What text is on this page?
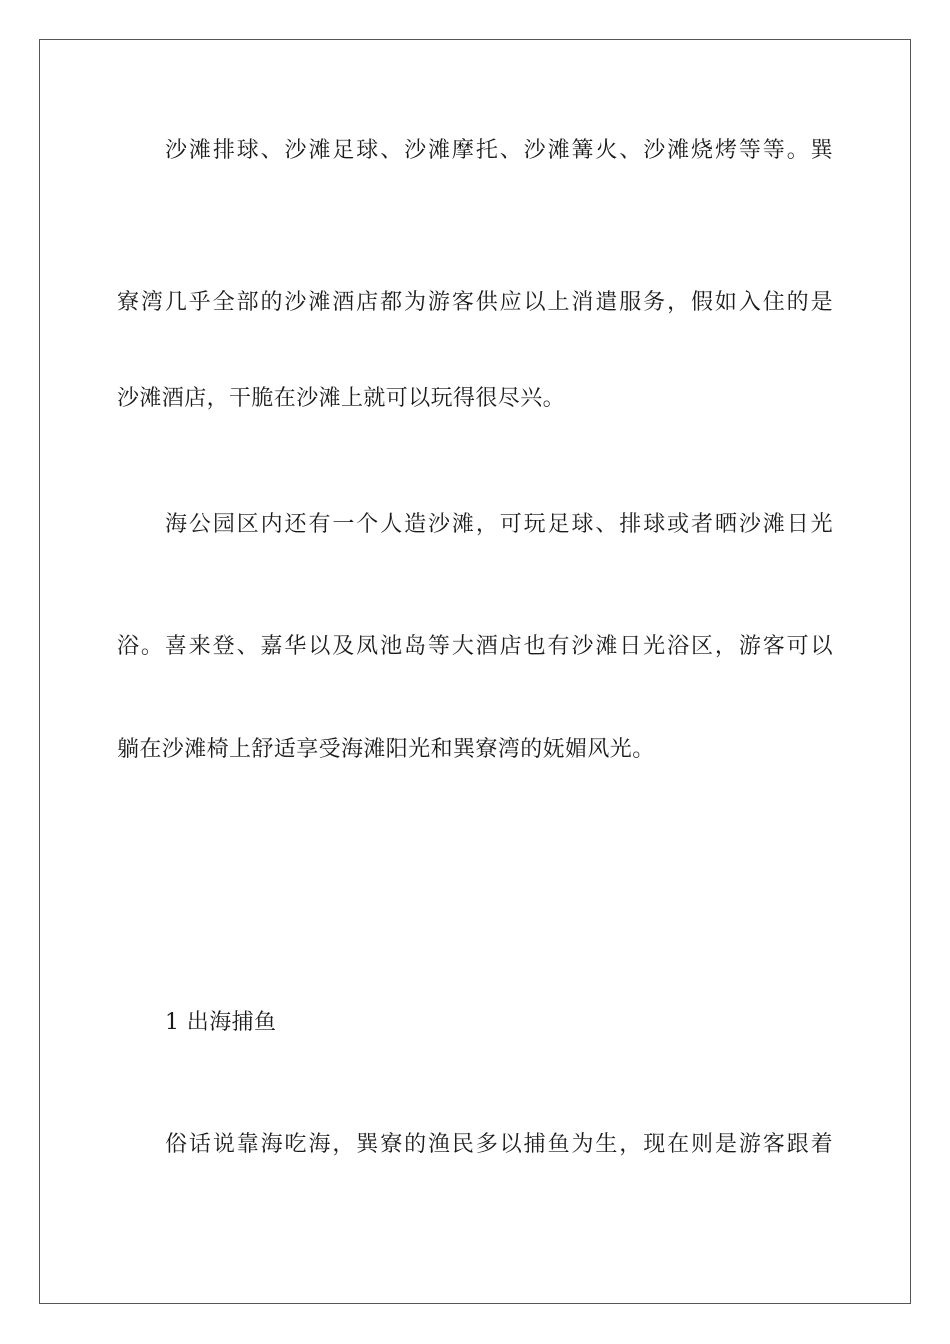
沙滩排球、沙滩足球、沙滩摩托、沙滩篝火、沙滩烧烤等等。巽
寮湾几乎全部的沙滩酒店都为游客供应以上消遣服务，假如入住的是
沙滩酒店，干脆在沙滩上就可以玩得很尽兴。
海公园区内还有一个人造沙滩，可玩足球、排球或者晒沙滩日光
浴。喜来登、嘉华以及凤池岛等大酒店也有沙滩日光浴区，游客可以
躺在沙滩椅上舒适享受海滩阳光和巽寮湾的妩媚风光。
1 出海捕鱼
俗话说靠海吃海，巽寮的渔民多以捕鱼为生，现在则是游客跟着
